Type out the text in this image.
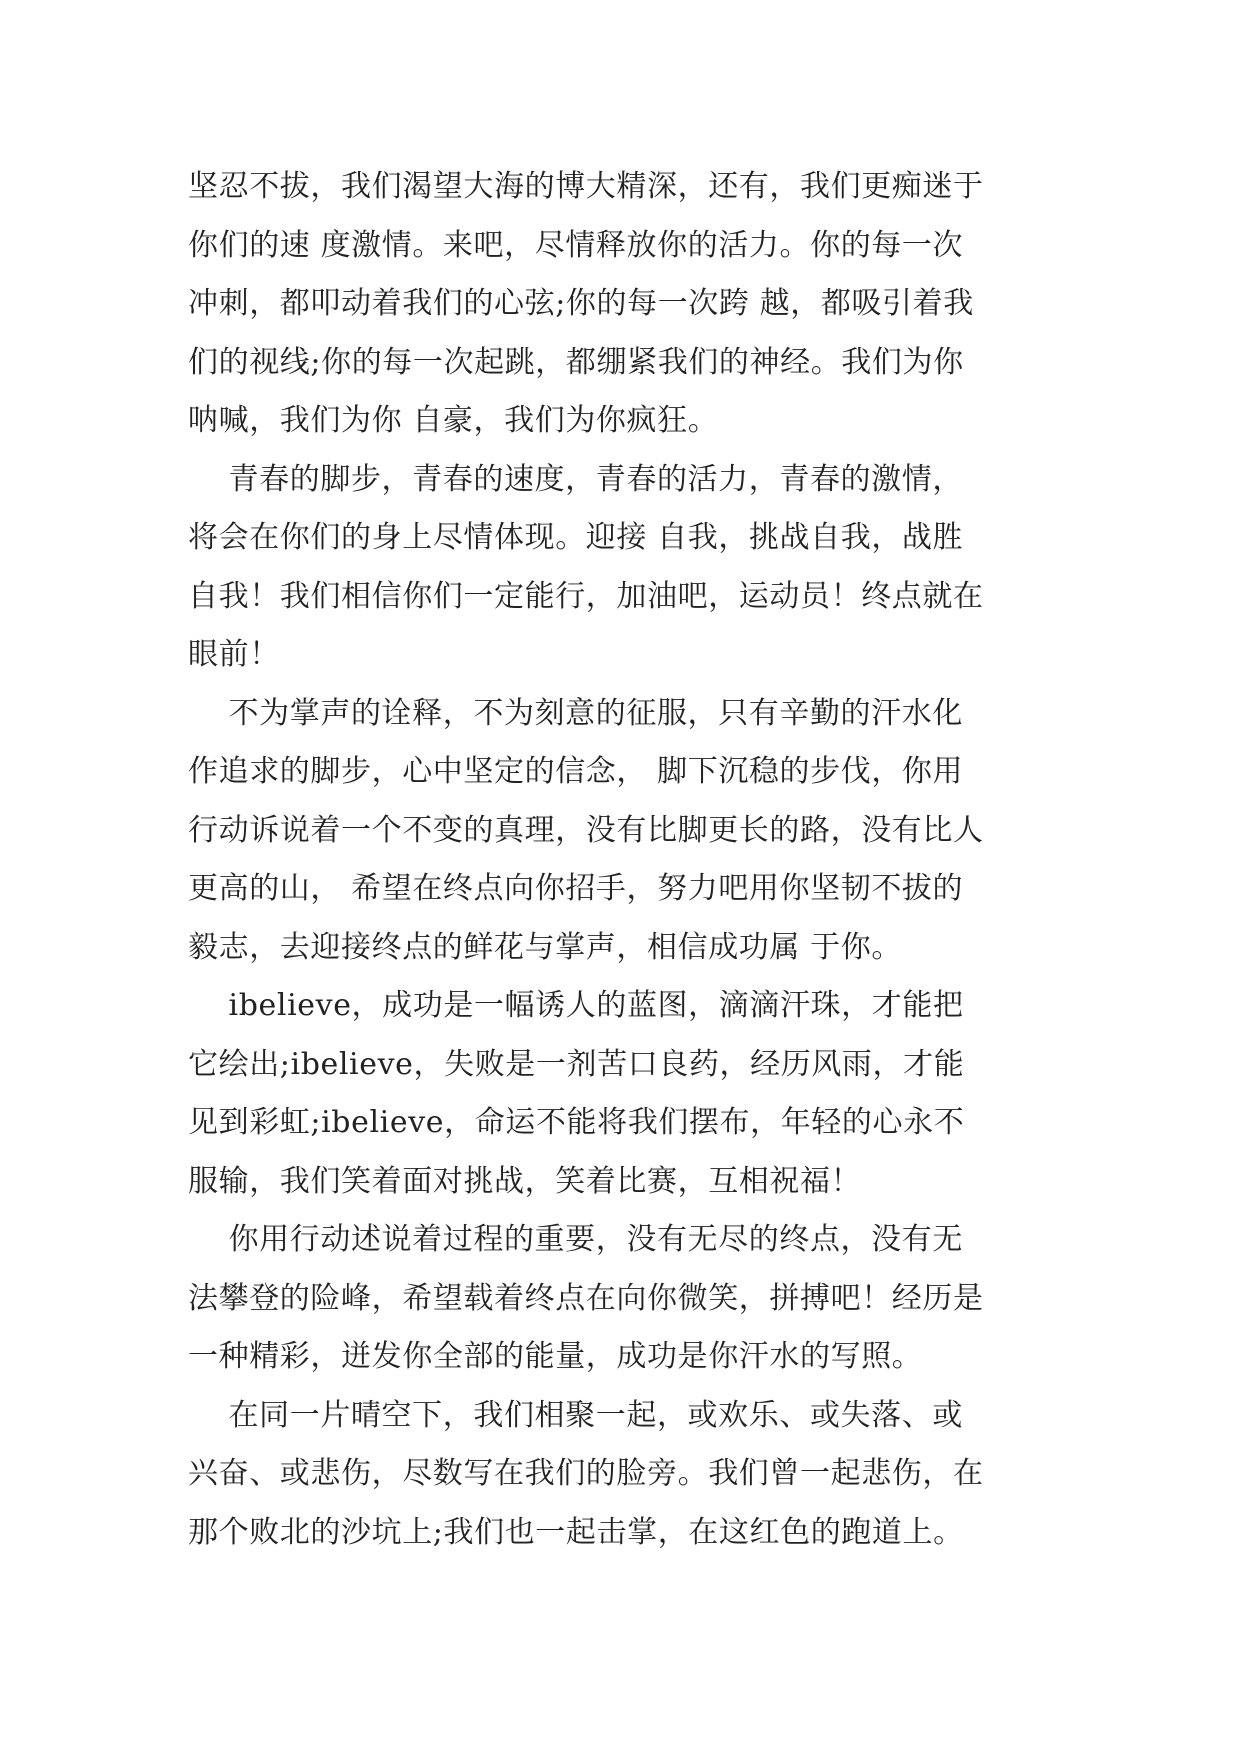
坚忍不拔，我们渴望大海的博大精深，还有，我们更痴迷于
你们的速 度激情。来吧，尽情释放你的活力。你的每一次
冲刺，都叩动着我们的心弦;你的每一次跨 越，都吸引着我
们的视线;你的每一次起跳，都绷紧我们的神经。我们为你
呐喊，我们为你 自豪，我们为你疯狂。
青春的脚步，青春的速度，青春的活力，青春的激情，
将会在你们的身上尽情体现。迎接 自我，挑战自我，战胜
自我！我们相信你们一定能行，加油吧，运动员！终点就在
眼前！
不为掌声的诠释，不为刻意的征服，只有辛勤的汗水化
作追求的脚步，心中坚定的信念， 脚下沉稳的步伐，你用
行动诉说着一个不变的真理，没有比脚更长的路，没有比人
更高的山， 希望在终点向你招手，努力吧用你坚韧不拔的
毅志，去迎接终点的鲜花与掌声，相信成功属 于你。
ibelieve，成功是一幅诱人的蓝图，滴滴汗珠，才能把
它绘出;ibelieve，失败是一剂苦口良药，经历风雨，才能
见到彩虹;ibelieve，命运不能将我们摆布，年轻的心永不
服输，我们笑着面对挑战，笑着比赛，互相祝福！
你用行动述说着过程的重要，没有无尽的终点，没有无
法攀登的险峰，希望载着终点在向你微笑，拼搏吧！经历是
一种精彩，迸发你全部的能量，成功是你汗水的写照。
在同一片晴空下，我们相聚一起，或欢乐、或失落、或
兴奋、或悲伤，尽数写在我们的脸旁。我们曾一起悲伤，在
那个败北的沙坑上;我们也一起击掌，在这红色的跑道上。
